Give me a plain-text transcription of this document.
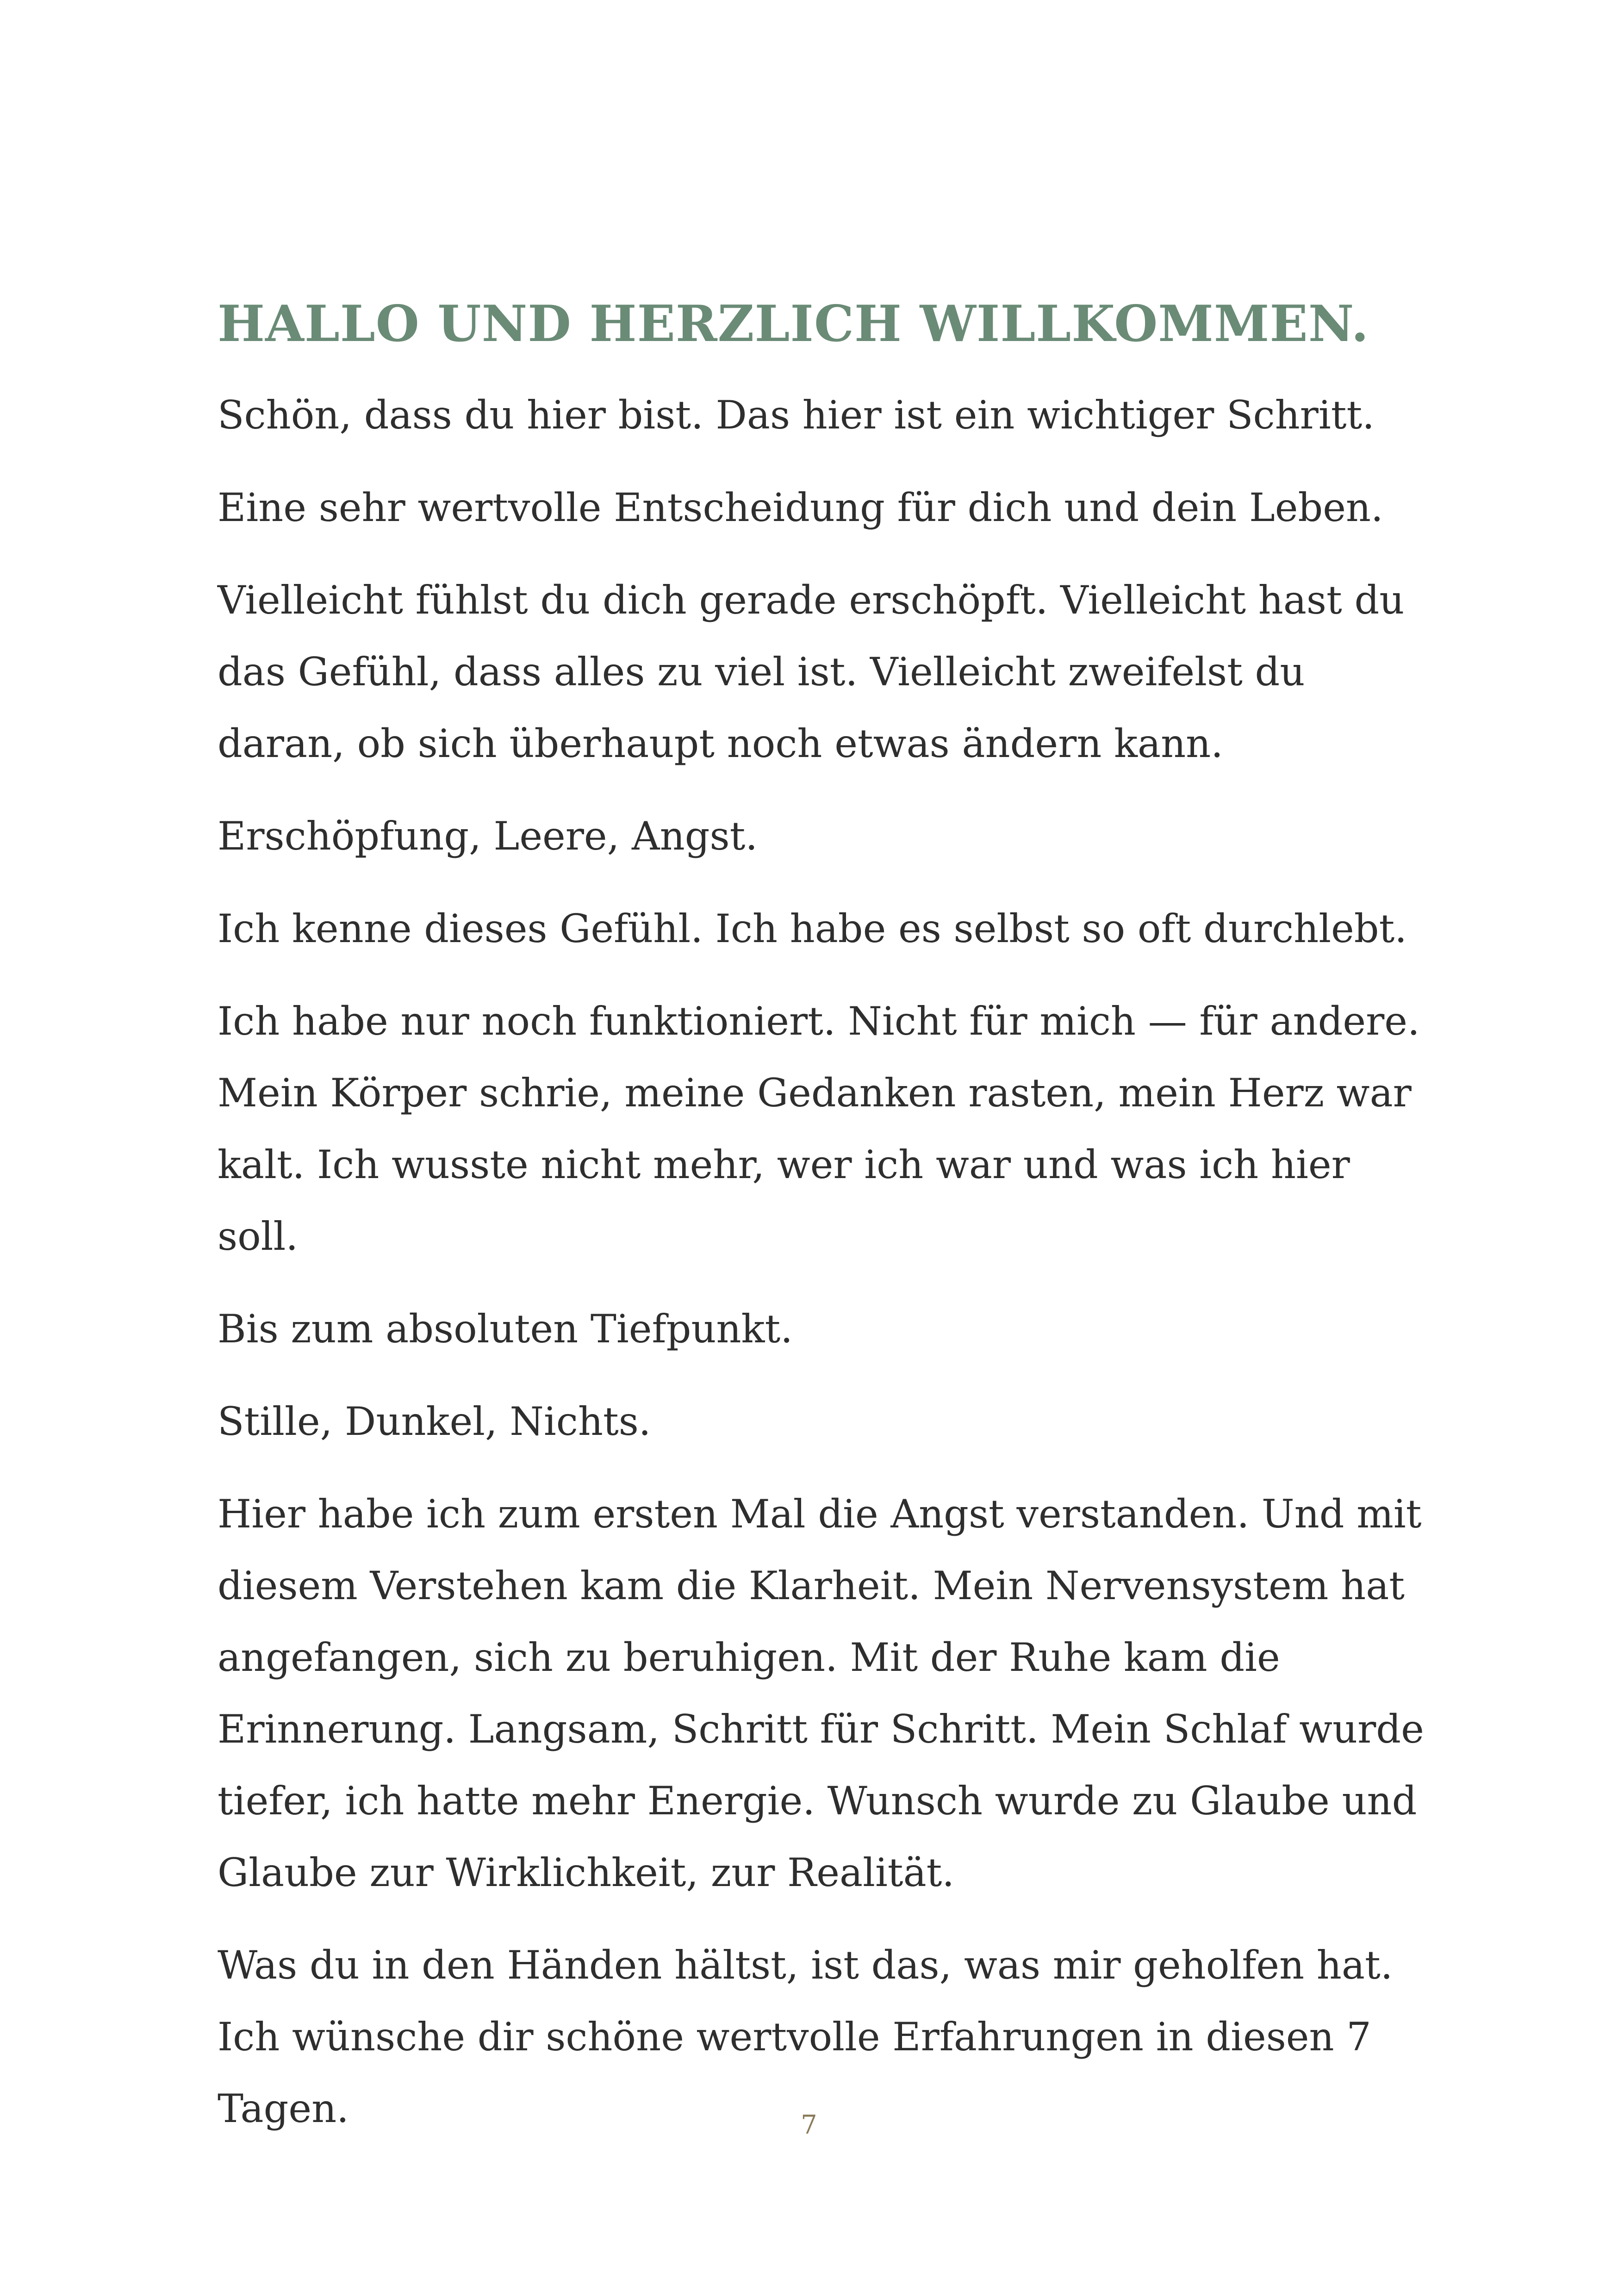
HALLO UND HERZLICH WILLKOMMEN.

Schön, dass du hier bist. Das hier ist ein wichtiger Schritt.

Eine sehr wertvolle Entscheidung für dich und dein Leben.

Vielleicht fühlst du dich gerade erschöpft. Vielleicht hast du das Gefühl, dass alles zu viel ist. Vielleicht zweifelst du daran, ob sich überhaupt noch etwas ändern kann.

Erschöpfung, Leere, Angst.

Ich kenne dieses Gefühl. Ich habe es selbst so oft durchlebt.

Ich habe nur noch funktioniert. Nicht für mich — für andere. Mein Körper schrie, meine Gedanken rasten, mein Herz war kalt. Ich wusste nicht mehr, wer ich war und was ich hier soll.

Bis zum absoluten Tiefpunkt.

Stille, Dunkel, Nichts.

Hier habe ich zum ersten Mal die Angst verstanden. Und mit diesem Verstehen kam die Klarheit. Mein Nervensystem hat angefangen, sich zu beruhigen. Mit der Ruhe kam die Erinnerung. Langsam, Schritt für Schritt. Mein Schlaf wurde tiefer, ich hatte mehr Energie. Wunsch wurde zu Glaube und Glaube zur Wirklichkeit, zur Realität.

Was du in den Händen hältst, ist das, was mir geholfen hat. Ich wünsche dir schöne wertvolle Erfahrungen in diesen 7 Tagen.	7
